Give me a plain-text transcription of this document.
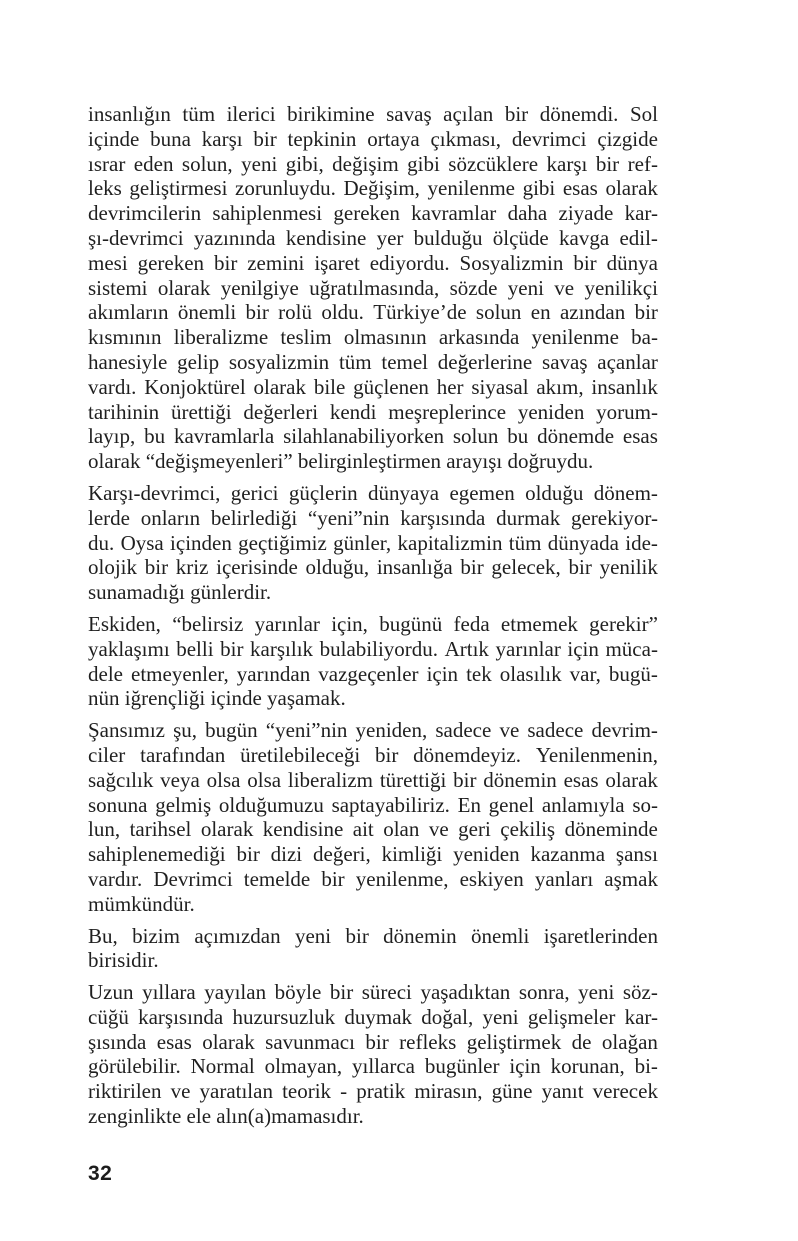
insanlığın tüm ilerici birikimine savaş açılan bir dönemdi. Sol
içinde buna karşı bir tepkinin ortaya çıkması, devrimci çizgide
ısrar eden solun, yeni gibi, değişim gibi sözcüklere karşı bir ref-
leks geliştirmesi zorunluydu. Değişim, yenilenme gibi esas olarak
devrimcilerin sahiplenmesi gereken kavramlar daha ziyade kar-
şı-devrimci yazınında kendisine yer bulduğu ölçüde kavga edil-
mesi gereken bir zemini işaret ediyordu. Sosyalizmin bir dünya
sistemi olarak yenilgiye uğratılmasında, sözde yeni ve yenilikçi
akımların önemli bir rolü oldu. Türkiye’de solun en azından bir
kısmının liberalizme teslim olmasının arkasında yenilenme ba-
hanesiyle gelip sosyalizmin tüm temel değerlerine savaş açanlar
vardı. Konjoktürel olarak bile güçlenen her siyasal akım, insanlık
tarihinin ürettiği değerleri kendi meşreplerince yeniden yorum-
layıp, bu kavramlarla silahlanabiliyorken solun bu dönemde esas
olarak “değişmeyenleri” belirginleştirmen arayışı doğruydu.
Karşı-devrimci, gerici güçlerin dünyaya egemen olduğu dönem-
lerde onların belirlediği “yeni”nin karşısında durmak gerekiyor-
du. Oysa içinden geçtiğimiz günler, kapitalizmin tüm dünyada ide-
olojik bir kriz içerisinde olduğu, insanlığa bir gelecek, bir yenilik
sunamadığı günlerdir.
Eskiden, “belirsiz yarınlar için, bugünü feda etmemek gerekir”
yaklaşımı belli bir karşılık bulabiliyordu. Artık yarınlar için müca-
dele etmeyenler, yarından vazgeçenler için tek olasılık var, bugü-
nün iğrençliği içinde yaşamak.
Şansımız şu, bugün “yeni”nin yeniden, sadece ve sadece devrim-
ciler tarafından üretilebileceği bir dönemdeyiz. Yenilenmenin,
sağcılık veya olsa olsa liberalizm türettiği bir dönemin esas olarak
sonuna gelmiş olduğumuzu saptayabiliriz. En genel anlamıyla so-
lun, tarihsel olarak kendisine ait olan ve geri çekiliş döneminde
sahiplenemediği bir dizi değeri, kimliği yeniden kazanma şansı
vardır. Devrimci temelde bir yenilenme, eskiyen yanları aşmak
mümkündür.
Bu, bizim açımızdan yeni bir dönemin önemli işaretlerinden
birisidir.
Uzun yıllara yayılan böyle bir süreci yaşadıktan sonra, yeni söz-
cüğü karşısında huzursuzluk duymak doğal, yeni gelişmeler kar-
şısında esas olarak savunmacı bir refleks geliştirmek de olağan
görülebilir. Normal olmayan, yıllarca bugünler için korunan, bi-
riktirilen ve yaratılan teorik - pratik mirasın, güne yanıt verecek
zenginlikte ele alın(a)mamasıdır.
32
